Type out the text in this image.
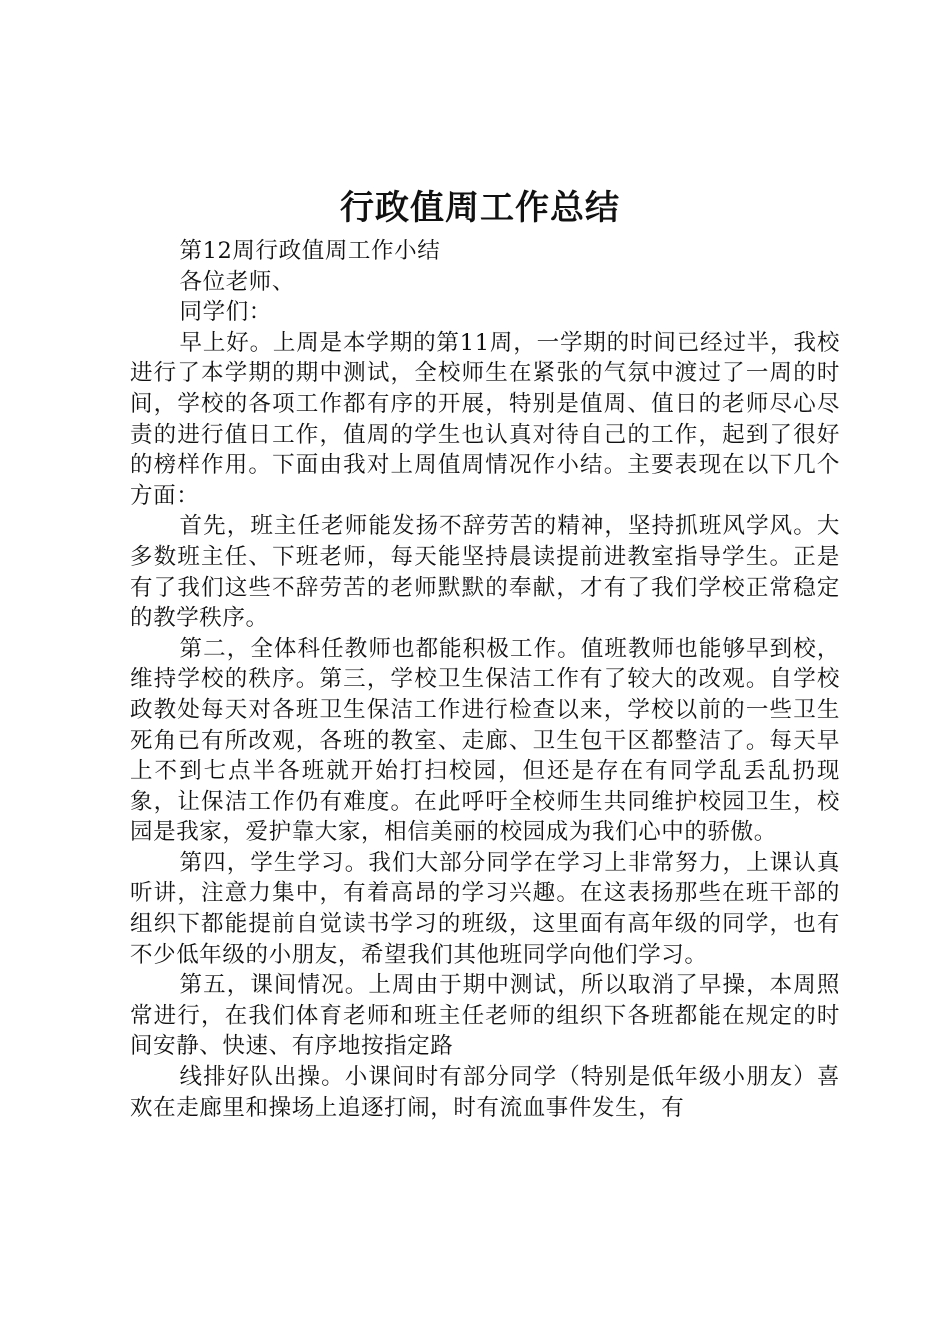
行政值周工作总结

第12周行政值周工作小结

各位老师、

同学们：

早上好。上周是本学期的第11周，一学期的时间已经过半，我校进行了本学期的期中测试，全校师生在紧张的气氛中渡过了一周的时间，学校的各项工作都有序的开展，特别是值周、值日的老师尽心尽责的进行值日工作，值周的学生也认真对待自己的工作，起到了很好的榜样作用。下面由我对上周值周情况作小结。主要表现在以下几个方面：

首先，班主任老师能发扬不辞劳苦的精神，坚持抓班风学风。大多数班主任、下班老师，每天能坚持晨读提前进教室指导学生。正是有了我们这些不辞劳苦的老师默默的奉献，才有了我们学校正常稳定的教学秩序。

第二，全体科任教师也都能积极工作。值班教师也能够早到校，维持学校的秩序。第三，学校卫生保洁工作有了较大的改观。自学校政教处每天对各班卫生保洁工作进行检查以来，学校以前的一些卫生死角已有所改观，各班的教室、走廊、卫生包干区都整洁了。每天早上不到七点半各班就开始打扫校园，但还是存在有同学乱丢乱扔现象，让保洁工作仍有难度。在此呼吁全校师生共同维护校园卫生，校园是我家，爱护靠大家，相信美丽的校园成为我们心中的骄傲。

第四，学生学习。我们大部分同学在学习上非常努力，上课认真听讲，注意力集中，有着高昂的学习兴趣。在这表扬那些在班干部的组织下都能提前自觉读书学习的班级，这里面有高年级的同学，也有不少低年级的小朋友，希望我们其他班同学向他们学习。

第五，课间情况。上周由于期中测试，所以取消了早操，本周照常进行，在我们体育老师和班主任老师的组织下各班都能在规定的时间安静、快速、有序地按指定路

线排好队出操。小课间时有部分同学（特别是低年级小朋友）喜欢在走廊里和操场上追逐打闹，时有流血事件发生，有
